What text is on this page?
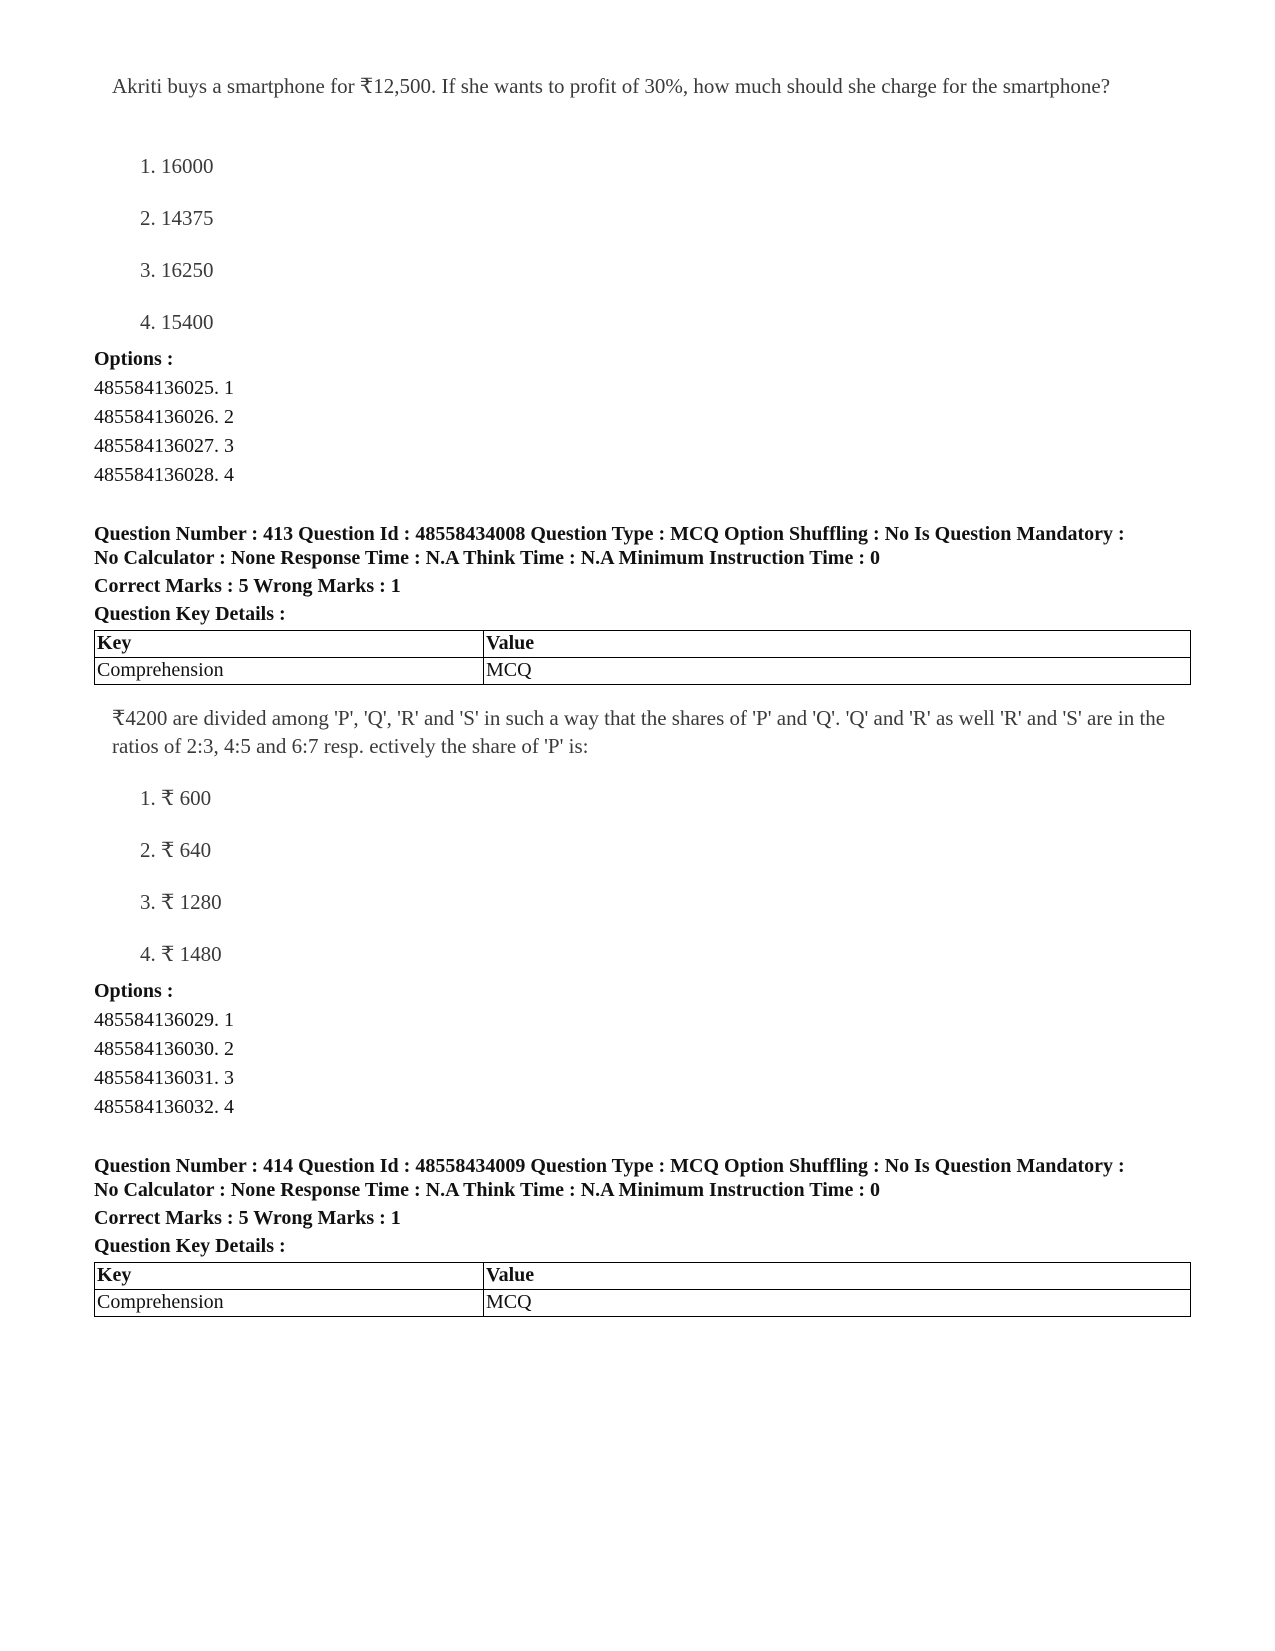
Akriti buys a smartphone for ₹12,500. If she wants to profit of 30%, how much should she charge for the smartphone?

1. 16000
2. 14375
3. 16250
4. 15400
Options :
485584136025. 1
485584136026. 2
485584136027. 3
485584136028. 4
Question Number : 413 Question Id : 48558434008 Question Type : MCQ Option Shuffling : No Is Question Mandatory :
No Calculator : None Response Time : N.A Think Time : N.A Minimum Instruction Time : 0
Correct Marks : 5 Wrong Marks : 1
Question Key Details :
Key	Value
Comprehension	MCQ

₹4200 are divided among 'P', 'Q', 'R' and 'S' in such a way that the shares of 'P' and 'Q'. 'Q' and 'R' as well 'R' and 'S' are in the ratios of 2:3, 4:5 and 6:7 resp. ectively the share of 'P' is:

1. ₹ 600
2. ₹ 640
3. ₹ 1280
4. ₹ 1480
Options :
485584136029. 1
485584136030. 2
485584136031. 3
485584136032. 4
Question Number : 414 Question Id : 48558434009 Question Type : MCQ Option Shuffling : No Is Question Mandatory :
No Calculator : None Response Time : N.A Think Time : N.A Minimum Instruction Time : 0
Correct Marks : 5 Wrong Marks : 1
Question Key Details :
Key	Value
Comprehension	MCQ
